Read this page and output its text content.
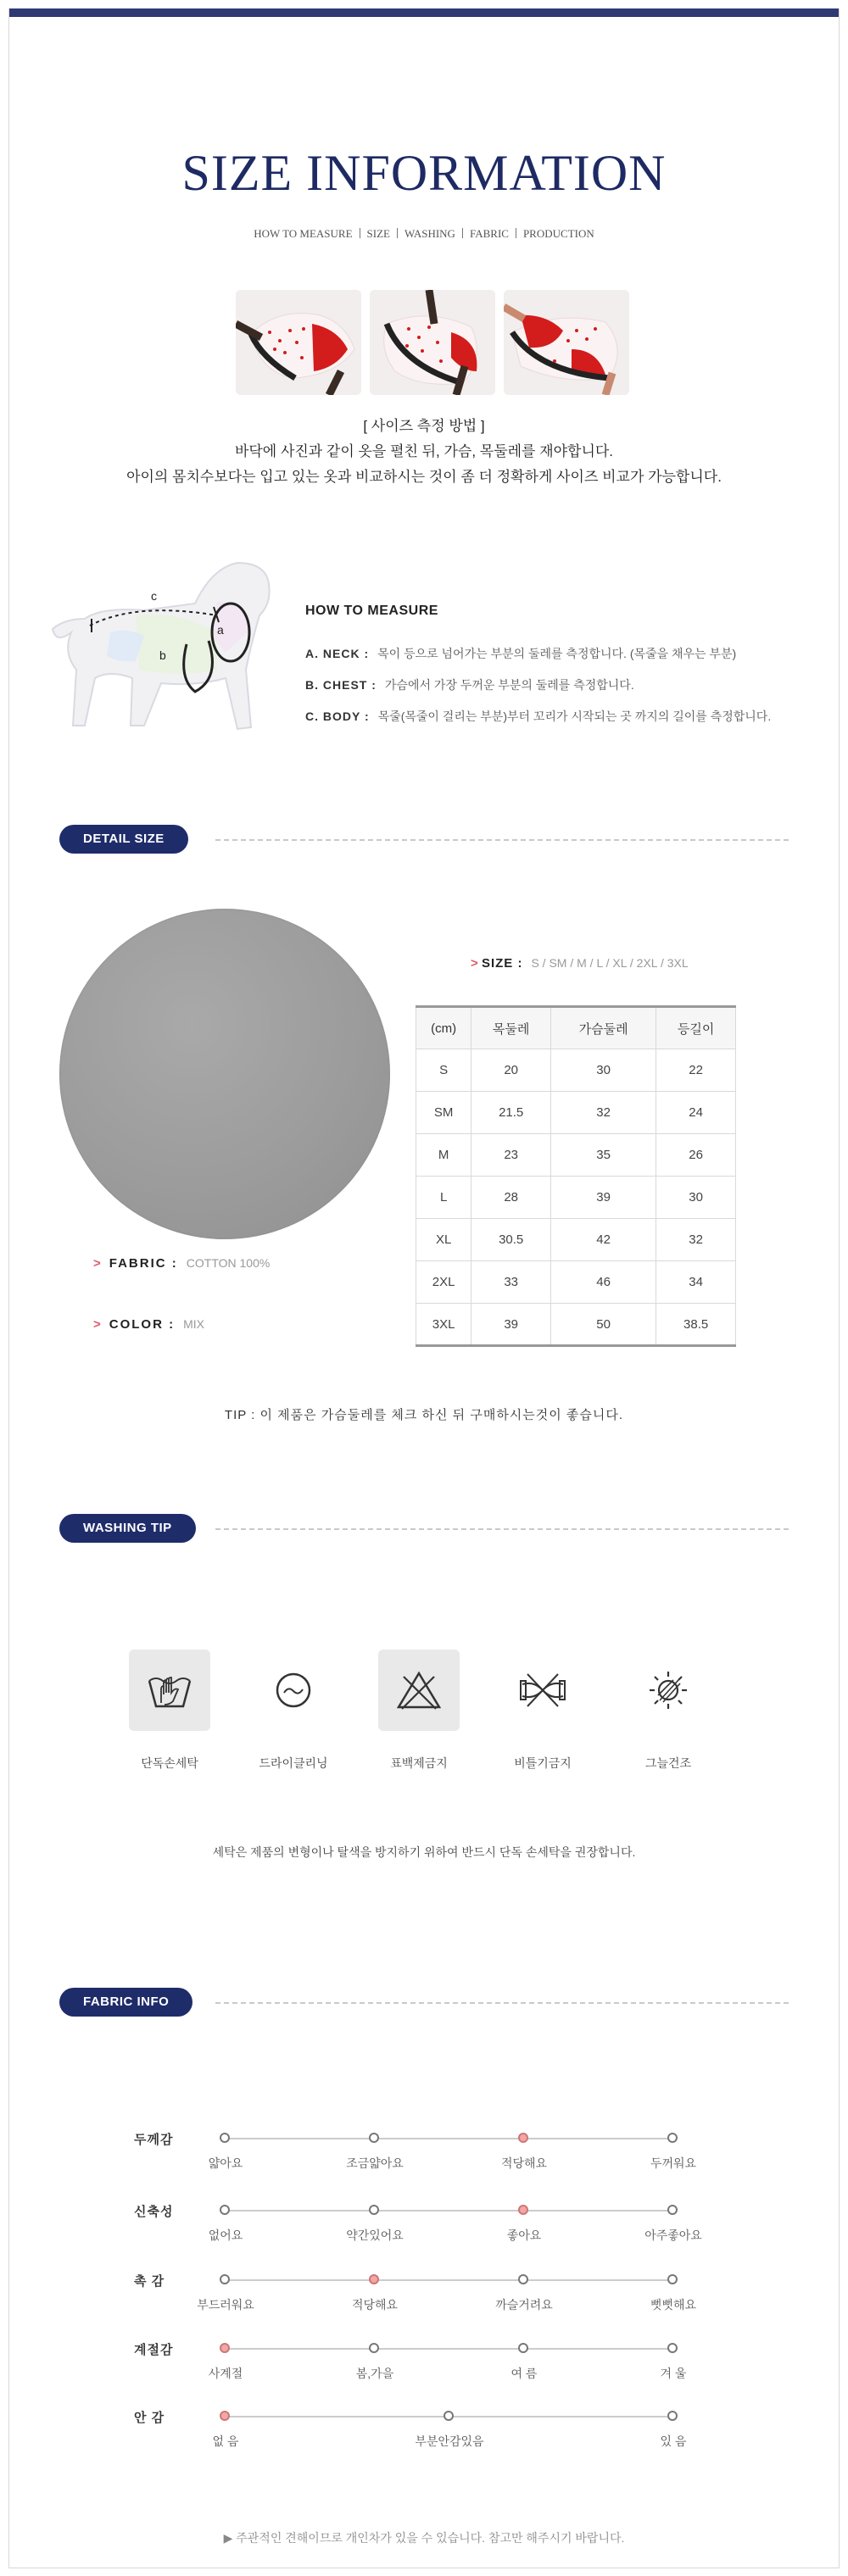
SIZE INFORMATION
HOW TO MEASURE SIZE WASHING FABRIC PRODUCTION
[ 사이즈 측정 방법 ]
바닥에 사진과 같이 옷을 펼친 뒤, 가슴, 목둘레를 재야합니다.
아이의 몸치수보다는 입고 있는 옷과 비교하시는 것이 좀 더 정확하게 사이즈 비교가 가능합니다.
c
a
b
HOW TO MEASURE
A. NECK : 목이 등으로 넘어가는 부분의 둘레를 측정합니다. (목줄을 채우는 부분)
B. CHEST : 가슴에서 가장 두꺼운 부분의 둘레를 측정합니다.
C. BODY : 목줄(목줄이 걸리는 부분)부터 꼬리가 시작되는 곳 까지의 길이를 측정합니다.
DETAIL SIZE
> SIZE : S / SM / M / L / XL / 2XL / 3XL
(cm)	목둘레	가슴둘레	등길이
S	20	30	22
SM	21.5	32	24
M	23	35	26
L	28	39	30
XL	30.5	42	32
2XL	33	46	34
3XL	39	50	38.5
> FABRIC : COTTON 100%
> COLOR : MIX
TIP : 이 제품은 가슴둘레를 체크 하신 뒤 구매하시는것이 좋습니다.
WASHING TIP
단독손세탁	드라이클리닝	표백제금지	비틀기금지	그늘건조
세탁은 제품의 변형이나 탈색을 방지하기 위하여 반드시 단독 손세탁을 권장합니다.
FABRIC INFO
두께감
얇아요	조금얇아요	적당해요	두꺼워요
신축성
없어요	약간있어요	좋아요	아주좋아요
촉 감
부드러워요	적당해요	까슬거려요	뻣뻣해요
계절감
사계절	봄,가을	여 름	겨 울
안 감
없 음	부분안감있음	있 음
▶ 주관적인 견해이므로 개인차가 있을 수 있습니다. 참고만 해주시기 바랍니다.
